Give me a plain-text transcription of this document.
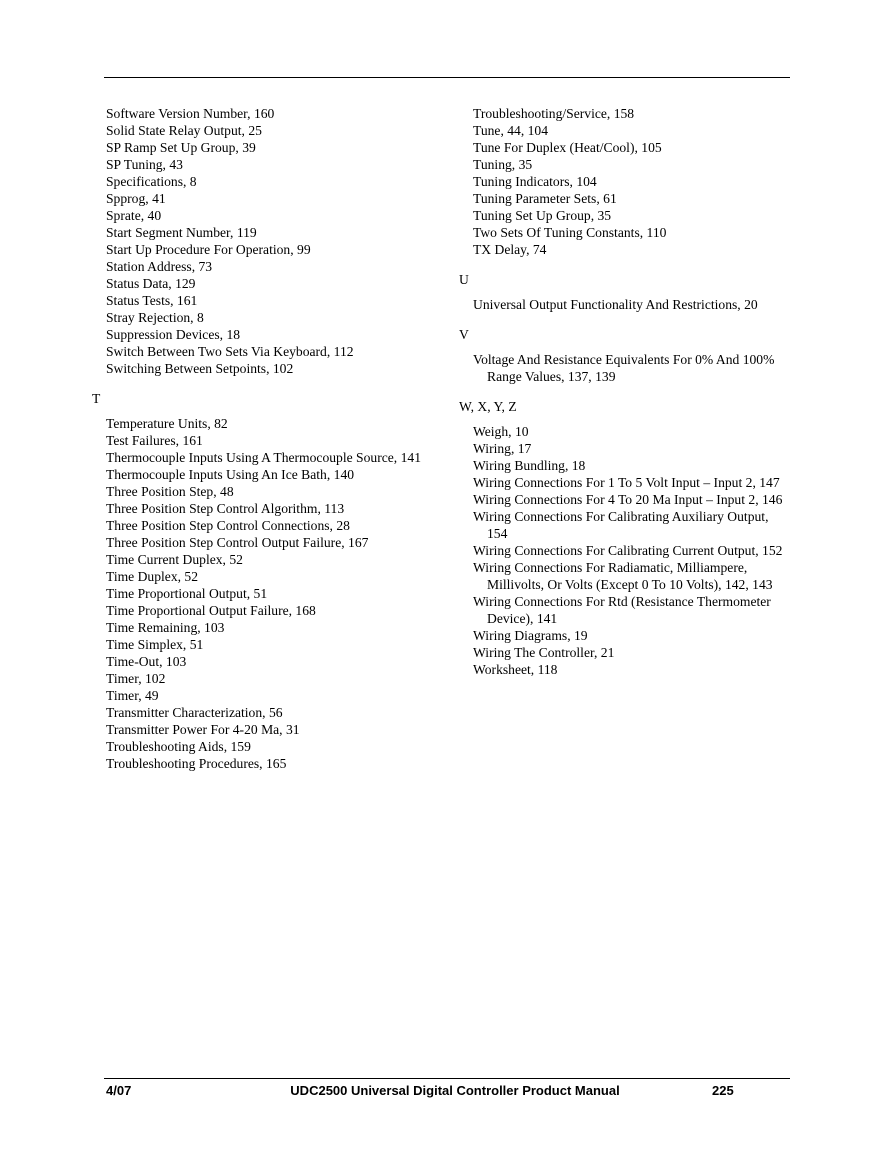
Software Version Number, 160

Solid State Relay Output, 25

SP Ramp Set Up Group, 39

SP Tuning, 43

Specifications, 8

Spprog, 41

Sprate, 40

Start Segment Number, 119

Start Up Procedure For Operation, 99

Station Address, 73

Status Data, 129

Status Tests, 161

Stray Rejection, 8

Suppression Devices, 18

Switch Between Two Sets Via Keyboard, 112

Switching Between Setpoints, 102

T

Temperature Units, 82

Test Failures, 161

Thermocouple Inputs Using A Thermocouple Source, 141

Thermocouple Inputs Using An Ice Bath, 140

Three Position Step, 48

Three Position Step Control Algorithm, 113

Three Position Step Control Connections, 28

Three Position Step Control Output Failure, 167

Time Current Duplex, 52

Time Duplex, 52

Time Proportional Output, 51

Time Proportional Output Failure, 168

Time Remaining, 103

Time Simplex, 51

Time-Out, 103

Timer, 102

Timer, 49

Transmitter Characterization, 56

Transmitter Power For 4-20 Ma, 31

Troubleshooting Aids, 159

Troubleshooting Procedures, 165

Troubleshooting/Service, 158

Tune, 44, 104

Tune For Duplex (Heat/Cool), 105

Tuning, 35

Tuning Indicators, 104

Tuning Parameter Sets, 61

Tuning Set Up Group, 35

Two Sets Of Tuning Constants, 110

TX Delay, 74

U

Universal Output Functionality And Restrictions, 20

V

Voltage And Resistance Equivalents For 0% And 100% Range Values, 137, 139

W, X, Y, Z

Weigh, 10

Wiring, 17

Wiring Bundling, 18

Wiring Connections For 1 To 5 Volt Input – Input 2, 147

Wiring Connections For 4 To 20 Ma Input – Input 2, 146

Wiring Connections For Calibrating Auxiliary Output, 154

Wiring Connections For Calibrating Current Output, 152

Wiring Connections For Radiamatic, Milliampere, Millivolts, Or Volts (Except 0 To 10 Volts), 142, 143

Wiring Connections For Rtd (Resistance Thermometer Device), 141

Wiring Diagrams, 19

Wiring The Controller, 21

Worksheet, 118

4/07	UDC2500 Universal Digital Controller Product Manual	225
